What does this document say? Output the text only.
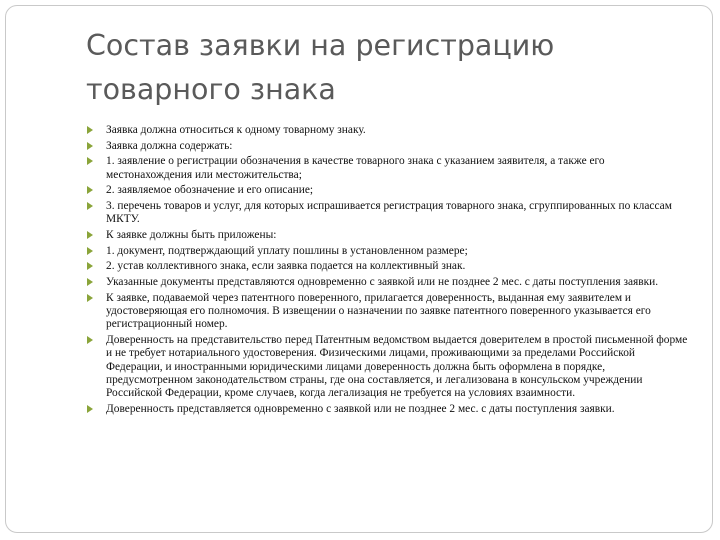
Состав заявки на регистрацию товарного знака
Заявка должна относиться к одному товарному знаку.
Заявка должна содержать:
1. заявление о регистрации обозначения в качестве товарного знака с указанием заявителя, а также его местонахождения или местожительства;
2. заявляемое обозначение и его описание;
3. перечень товаров и услуг, для которых испрашивается регистрация товарного знака, сгруппированных по классам МКТУ.
К заявке должны быть приложены:
1. документ, подтверждающий уплату пошлины в установленном размере;
2. устав коллективного знака, если заявка подается на коллективный знак.
Указанные документы представляются одновременно с заявкой или не позднее 2 мес. с даты поступления заявки.
К заявке, подаваемой через патентного поверенного, прилагается доверенность, выданная ему заявителем и удостоверяющая его полномочия. В извещении о назначении по заявке патентного поверенного указывается его регистрационный номер.
Доверенность на представительство перед Патентным ведомством выдается доверителем в простой письменной форме и не требует нотариального удостоверения. Физическими лицами, проживающими за пределами Российской Федерации, и иностранными юридическими лицами доверенность должна быть оформлена в порядке, предусмотренном законодательством страны, где она составляется, и легализована в консульском учреждении Российской Федерации, кроме случаев, когда легализация не требуется на условиях взаимности.
Доверенность представляется одновременно с заявкой или не позднее 2 мес. с даты поступления заявки.
